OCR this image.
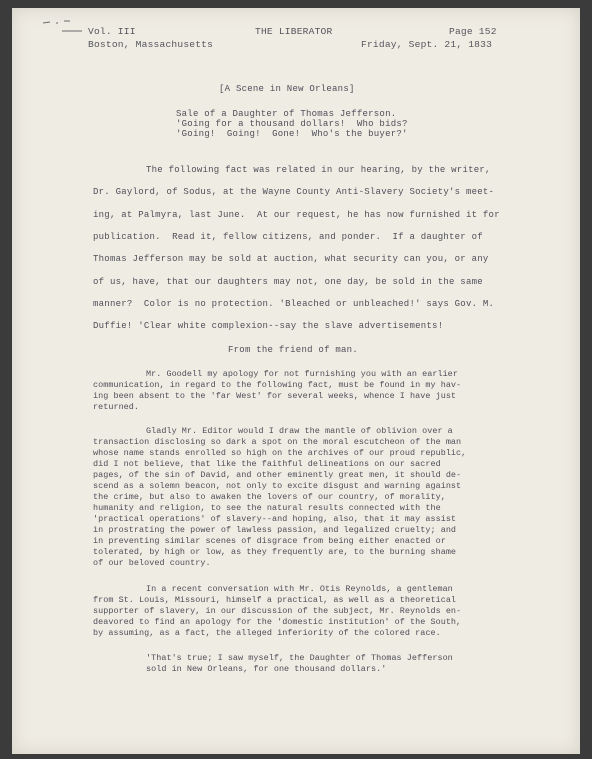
Vol. III	THE LIBERATOR	Page 152
Boston, Massachusetts	Friday, Sept. 21, 1833
[A Scene in New Orleans]
Sale of a Daughter of Thomas Jefferson.
'Going for a thousand dollars!  Who bids?
'Going!  Going!  Gone!  Who's the buyer?'
The following fact was related in our hearing, by the writer,
Dr. Gaylord, of Sodus, at the Wayne County Anti-Slavery Society's meet-
ing, at Palmyra, last June.  At our request, he has now furnished it for
publication.  Read it, fellow citizens, and ponder.  If a daughter of
Thomas Jefferson may be sold at auction, what security can you, or any
of us, have, that our daughters may not, one day, be sold in the same
manner?  Color is no protection. 'Bleached or unbleached!' says Gov. M.
Duffie! 'Clear white complexion--say the slave advertisements!
From the friend of man.
Mr. Goodell my apology for not furnishing you with an earlier
communication, in regard to the following fact, must be found in my hav-
ing been absent to the 'far West' for several weeks, whence I have just
returned.
Gladly Mr. Editor would I draw the mantle of oblivion over a
transaction disclosing so dark a spot on the moral escutcheon of the man
whose name stands enrolled so high on the archives of our proud republic,
did I not believe, that like the faithful delineations on our sacred
pages, of the sin of David, and other eminently great men, it should de-
scend as a solemn beacon, not only to excite disgust and warning against
the crime, but also to awaken the lovers of our country, of morality,
humanity and religion, to see the natural results connected with the
'practical operations' of slavery--and hoping, also, that it may assist
in prostrating the power of lawless passion, and legalized cruelty; and
in preventing similar scenes of disgrace from being either enacted or
tolerated, by high or low, as they frequently are, to the burning shame
of our beloved country.
In a recent conversation with Mr. Otis Reynolds, a gentleman
from St. Louis, Missouri, himself a practical, as well as a theoretical
supporter of slavery, in our discussion of the subject, Mr. Reynolds en-
deavored to find an apology for the 'domestic institution' of the South,
by assuming, as a fact, the alleged inferiority of the colored race.
'That's true; I saw myself, the Daughter of Thomas Jefferson
sold in New Orleans, for one thousand dollars.'
